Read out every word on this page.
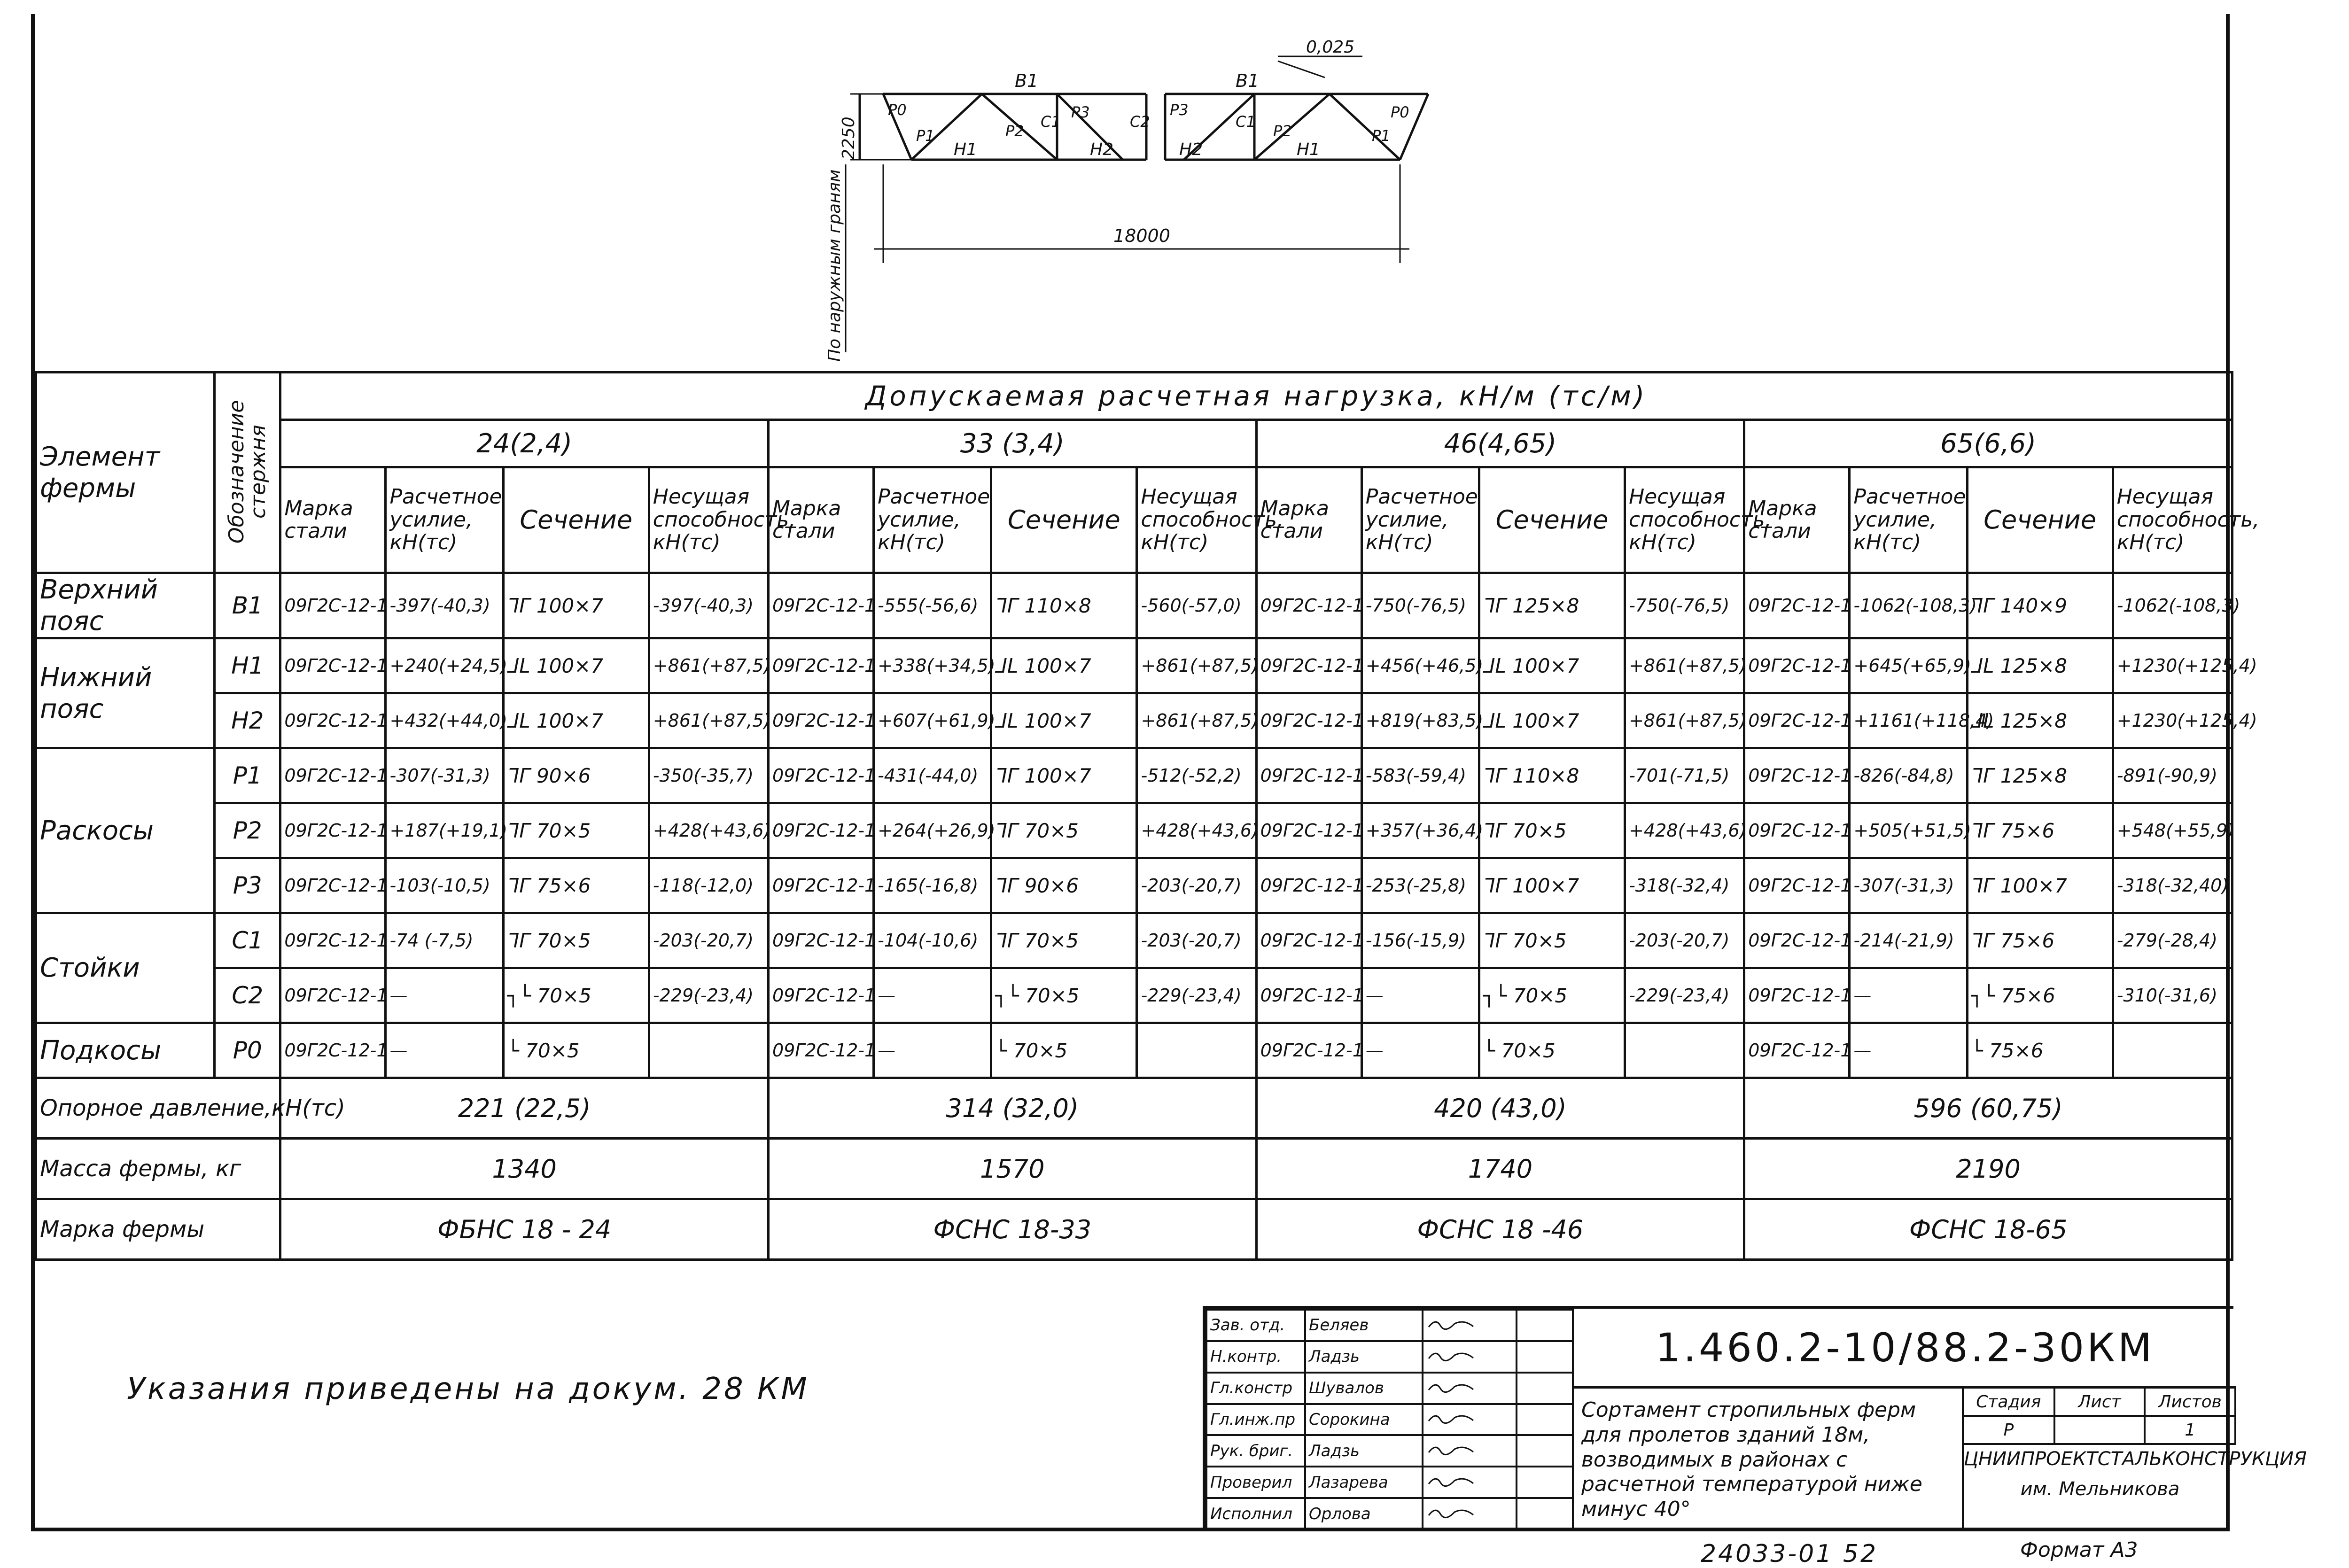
В1	В1
Н1	Н2	Н2	Н1
Р0
Р1	Р2
С1
Р3
С2
Р3
С1
Р2
Р0
Р1
2250
18000
0,025
По наружным граням
Элемент фермы	Обозначение стержня	Допускаемая расчетная нагрузка, кН/м (тс/м)															
		24(2,4)				33 (3,4)				46(4,65)				65(6,6)			
		Марка стали	Расчетное усилие, кН(тс)	Сечение	Несущая способность, кН(тс)	Марка стали	Расчетное усилие, кН(тс)	Сечение	Несущая способность, кН(тс)	Марка стали	Расчетное усилие, кН(тс)	Сечение	Несущая способность, кН(тс)	Марка стали	Расчетное усилие, кН(тс)	Сечение	Несущая способность, кН(тс)
Верхний пояс	В1	09Г2С-12-1	-397(-40,3)	ᒣᒥ 100×7	-397(-40,3)	09Г2С-12-1	-555(-56,6)	ᒣᒥ 110×8	-560(-57,0)	09Г2С-12-1	-750(-76,5)	ᒣᒥ 125×8	-750(-76,5)	09Г2С-12-1	-1062(-108,3)	ᒣᒥ 140×9	-1062(-108,3)
Нижний пояс	Н1	09Г2С-12-1	+240(+24,5)	ᒧᒪ 100×7	+861(+87,5)	09Г2С-12-1	+338(+34,5)	ᒧᒪ 100×7	+861(+87,5)	09Г2С-12-1	+456(+46,5)	ᒧᒪ 100×7	+861(+87,5)	09Г2С-12-1	+645(+65,9)	ᒧᒪ 125×8	+1230(+125,4)
	Н2	09Г2С-12-1	+432(+44,0)	ᒧᒪ 100×7	+861(+87,5)	09Г2С-12-1	+607(+61,9)	ᒧᒪ 100×7	+861(+87,5)	09Г2С-12-1	+819(+83,5)	ᒧᒪ 100×7	+861(+87,5)	09Г2С-12-1	+1161(+118,4)	ᒧᒪ 125×8	+1230(+125,4)
Раскосы	Р1	09Г2С-12-1	-307(-31,3)	ᒣᒥ 90×6	-350(-35,7)	09Г2С-12-1	-431(-44,0)	ᒣᒥ 100×7	-512(-52,2)	09Г2С-12-1	-583(-59,4)	ᒣᒥ 110×8	-701(-71,5)	09Г2С-12-1	-826(-84,8)	ᒣᒥ 125×8	-891(-90,9)
	Р2	09Г2С-12-1	+187(+19,1)	ᒣᒥ 70×5	+428(+43,6)	09Г2С-12-1	+264(+26,9)	ᒣᒥ 70×5	+428(+43,6)	09Г2С-12-1	+357(+36,4)	ᒣᒥ 70×5	+428(+43,6)	09Г2С-12-1	+505(+51,5)	ᒣᒥ 75×6	+548(+55,9)
	Р3	09Г2С-12-1	-103(-10,5)	ᒣᒥ 75×6	-118(-12,0)	09Г2С-12-1	-165(-16,8)	ᒣᒥ 90×6	-203(-20,7)	09Г2С-12-1	-253(-25,8)	ᒣᒥ 100×7	-318(-32,4)	09Г2С-12-1	-307(-31,3)	ᒣᒥ 100×7	-318(-32,40)
Стойки	С1	09Г2С-12-1	-74 (-7,5)	ᒣᒥ 70×5	-203(-20,7)	09Г2С-12-1	-104(-10,6)	ᒣᒥ 70×5	-203(-20,7)	09Г2С-12-1	-156(-15,9)	ᒣᒥ 70×5	-203(-20,7)	09Г2С-12-1	-214(-21,9)	ᒣᒥ 75×6	-279(-28,4)
	С2	09Г2С-12-1	—	┐└ 70×5	-229(-23,4)	09Г2С-12-1	—	┐└ 70×5	-229(-23,4)	09Г2С-12-1	—	┐└ 70×5	-229(-23,4)	09Г2С-12-1	—	┐└ 75×6	-310(-31,6)
Подкосы	Р0	09Г2С-12-1	—	└ 70×5		09Г2С-12-1	—	└ 70×5		09Г2С-12-1	—	└ 70×5		09Г2С-12-1	—	└ 75×6	
Опорное давление,кН(тс)		221 (22,5)				314 (32,0)				420 (43,0)				596 (60,75)			
Масса фермы, кг		1340				1570				1740				2190			
Марка фермы		ФБНС 18 - 24				ФСНС 18-33				ФСНС 18 -46				ФСНС 18-65			
Указания приведены на докум. 28 КМ
Зав. отд.	Беляев		
Н.контр.	Ладзь		
Гл.констр	Шувалов		
Гл.инж.пр	Сорокина		
Рук. бриг.	Ладзь		
Проверил	Лазарева		
Исполнил	Орлова		
1.460.2-10/88.2-30КМ
Сортамент стропильных ферм для пролетов зданий 18м, возводимых в районах с расчетной температурой ниже минус 40°
Стадия	Лист	Листов
Р		1
ЦНИИПРОЕКТСТАЛЬКОНСТРУКЦИЯ
им. Мельникова
24033-01 52	Формат А3
